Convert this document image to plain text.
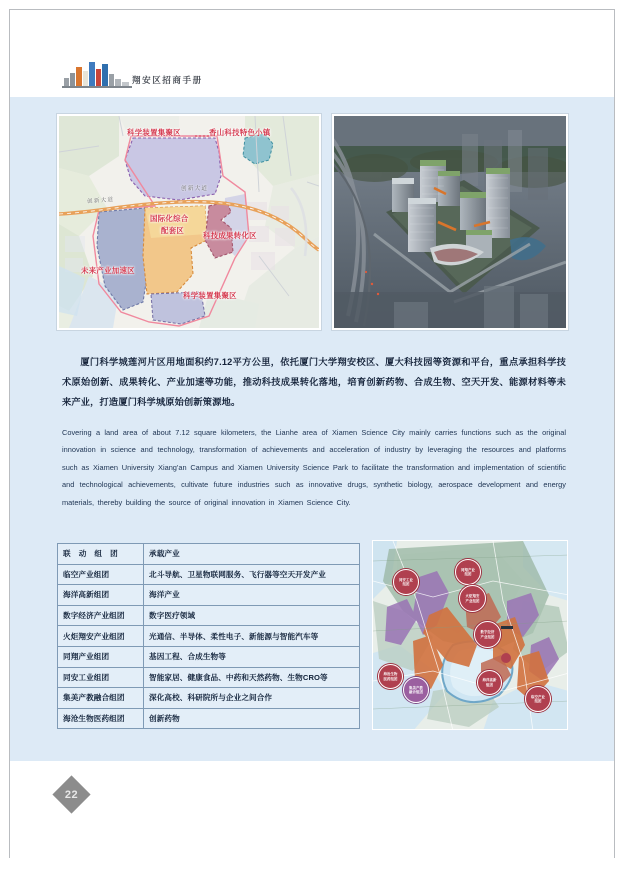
翔安区招商手册
科学装置集聚区	香山科技特色小镇
国际化综合
配套区
科技成果转化区
未来产业加速区
科学装置集聚区
创新大道
创新大道
厦门科学城莲河片区用地面积约7.12平方公里，依托厦门大学翔安校区、厦大科技园等资源和平台，重点承担科学技术原始创新、成果转化、产业加速等功能，推动科技成果转化落地，培育创新药物、合成生物、空天开发、能源材料等未来产业，打造厦门科学城原始创新策源地。
Covering a land area of about 7.12 square kilometers, the Lianhe area of Xiamen Science City mainly carries functions such as the original innovation in science and technology, transformation of achievements and acceleration of industry by leveraging the resources and platforms such as Xiamen University Xiang'an Campus and Xiamen University Science Park to facilitate the transformation and implementation of scientific and technological achievements, cultivate future industries such as innovative drugs, synthetic biology, aerospace development and energy materials, thereby building the source of original innovation in Xiamen Science City.
联 动 组 团	承载产业
临空产业组团	北斗导航、卫星物联网服务、飞行器等空天开发产业
海洋高新组团	海洋产业
数字经济产业组团	数字医疗领域
火炬翔安产业组团	光通信、半导体、柔性电子、新能源与智能汽车等
同翔产业组团	基因工程、合成生物等
同安工业组团	智能家居、健康食品、中药和天然药物、生物CRO等
集美产教融合组团	深化高校、科研院所与企业之间合作
海沧生物医药组团	创新药物
同安工业
组团
同翔产业
组团
火炬翔安
产业组团
数字经济
产业组团
海沧生物
医药组团
集美产教
融合组团
海洋高新
组团
临空产业
组团
22
